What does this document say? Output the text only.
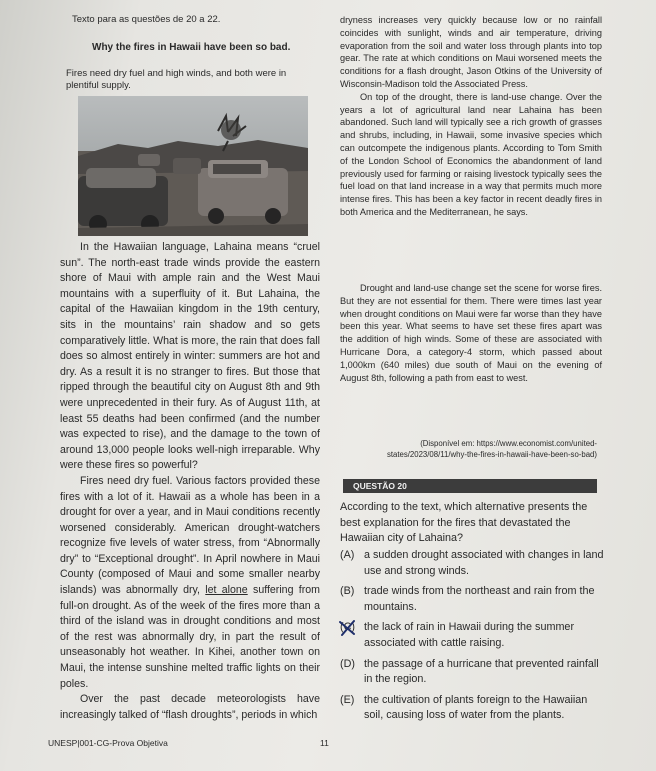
Texto para as questões de 20 a 22.
Why the fires in Hawaii have been so bad.
Fires need dry fuel and high winds, and both were in plentiful supply.

In the Hawaiian language, Lahaina means “cruel sun”. The north-east trade winds provide the eastern shore of Maui with ample rain and the West Maui mountains with a superfluity of it. But Lahaina, the capital of the Hawaiian kingdom in the 19th century, sits in the mountains’ rain shadow and so gets comparatively little. What is more, the rain that does fall does so almost entirely in winter: summers are hot and dry. As a result it is no stranger to fires. But those that ripped through the beautiful city on August 8th and 9th were unprecedented in their fury. As of August 11th, at least 55 deaths had been confirmed (and the number was expected to rise), and the damage to the town of around 13,000 people looks well-nigh irreparable. Why were these fires so powerful?

Fires need dry fuel. Various factors provided these fires with a lot of it. Hawaii as a whole has been in a drought for over a year, and in Maui conditions recently worsened considerably. American drought-watchers recognize five levels of water stress, from “Abnormally dry” to “Exceptional drought”. In April nowhere in Maui County (composed of Maui and some smaller nearby islands) was abnormally dry, let alone suffering from full-on drought. As of the week of the fires more than a third of the island was in drought conditions and most of the rest was abnormally dry, in part the result of unseasonably hot weather. In Kihei, another town on Maui, the intense sunshine melted traffic lights on their poles.

Over the past decade meteorologists have increasingly talked of “flash droughts”, periods in which

dryness increases very quickly because low or no rainfall coincides with sunlight, winds and air temperature, driving evaporation from the soil and water loss through plants into top gear. The rate at which conditions on Maui worsened meets the conditions for a flash drought, Jason Otkins of the University of Wisconsin-Madison told the Associated Press.

On top of the drought, there is land-use change. Over the years a lot of agricultural land near Lahaina has been abandoned. Such land will typically see a rich growth of grasses and shrubs, including, in Hawaii, some invasive species which can outcompete the indigenous plants. According to Tom Smith of the London School of Economics the abandonment of land previously used for farming or raising livestock typically sees the fuel load on that land increase in a way that permits much more intense fires. This has been a key factor in recent deadly fires in both America and the Mediterranean, he says.

Drought and land-use change set the scene for worse fires. But they are not essential for them. There were times last year when drought conditions on Maui were far worse than they have been this year. What seems to have set these fires apart was the addition of high winds. Some of these are associated with Hurricane Dora, a category-4 storm, which passed about 1,000km (640 miles) due south of Maui on the evening of August 8th, following a path from east to west.

(Disponível em: https://www.economist.com/united-
states/2023/08/11/why-the-fires-in-hawaii-have-been-so-bad)
QUESTÃO 20
According to the text, which alternative presents the best explanation for the fires that devastated the Hawaiian city of Lahaina?
(A) a sudden drought associated with changes in land use and strong winds.
(B) trade winds from the northeast and rain from the mountains.
(C) the lack of rain in Hawaii during the summer associated with cattle raising.
(D) the passage of a hurricane that prevented rainfall in the region.
(E) the cultivation of plants foreign to the Hawaiian soil, causing loss of water from the plants.
UNESP|001-CG-Prova Objetiva	11
